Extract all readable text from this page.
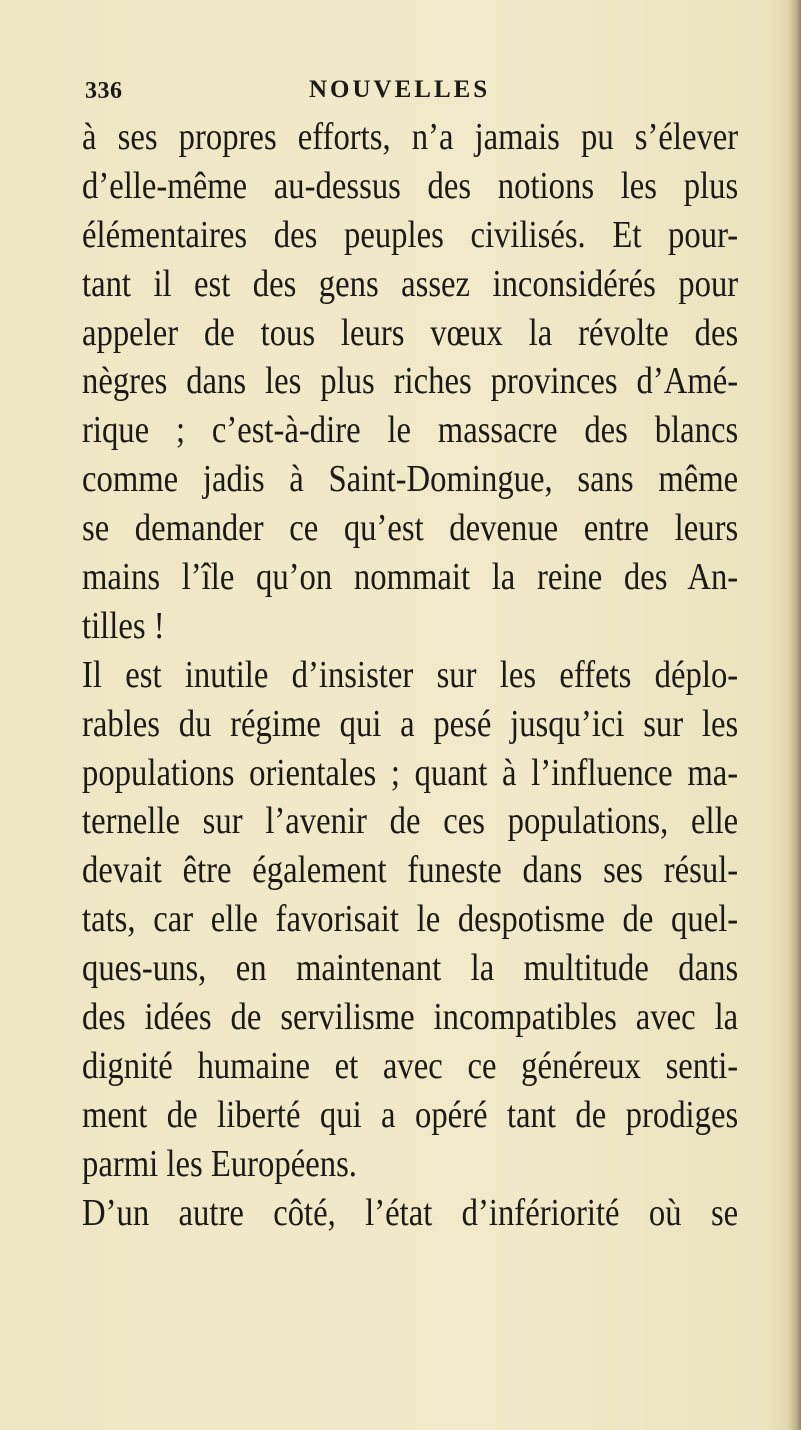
336	NOUVELLES
à ses propres efforts, n’a jamais pu s’élever
d’elle-même au-dessus des notions les plus
élémentaires des peuples civilisés. Et pour-
tant il est des gens assez inconsidérés pour
appeler de tous leurs vœux la révolte des
nègres dans les plus riches provinces d’Amé-
rique ; c’est-à-dire le massacre des blancs
comme jadis à Saint-Domingue, sans même
se demander ce qu’est devenue entre leurs
mains l’île qu’on nommait la reine des An-
tilles !
Il est inutile d’insister sur les effets déplo-
rables du régime qui a pesé jusqu’ici sur les
populations orientales ; quant à l’influence ma-
ternelle sur l’avenir de ces populations, elle
devait être également funeste dans ses résul-
tats, car elle favorisait le despotisme de quel-
ques-uns, en maintenant la multitude dans
des idées de servilisme incompatibles avec la
dignité humaine et avec ce généreux senti-
ment de liberté qui a opéré tant de prodiges
parmi les Européens.
D’un autre côté, l’état d’infériorité où se
